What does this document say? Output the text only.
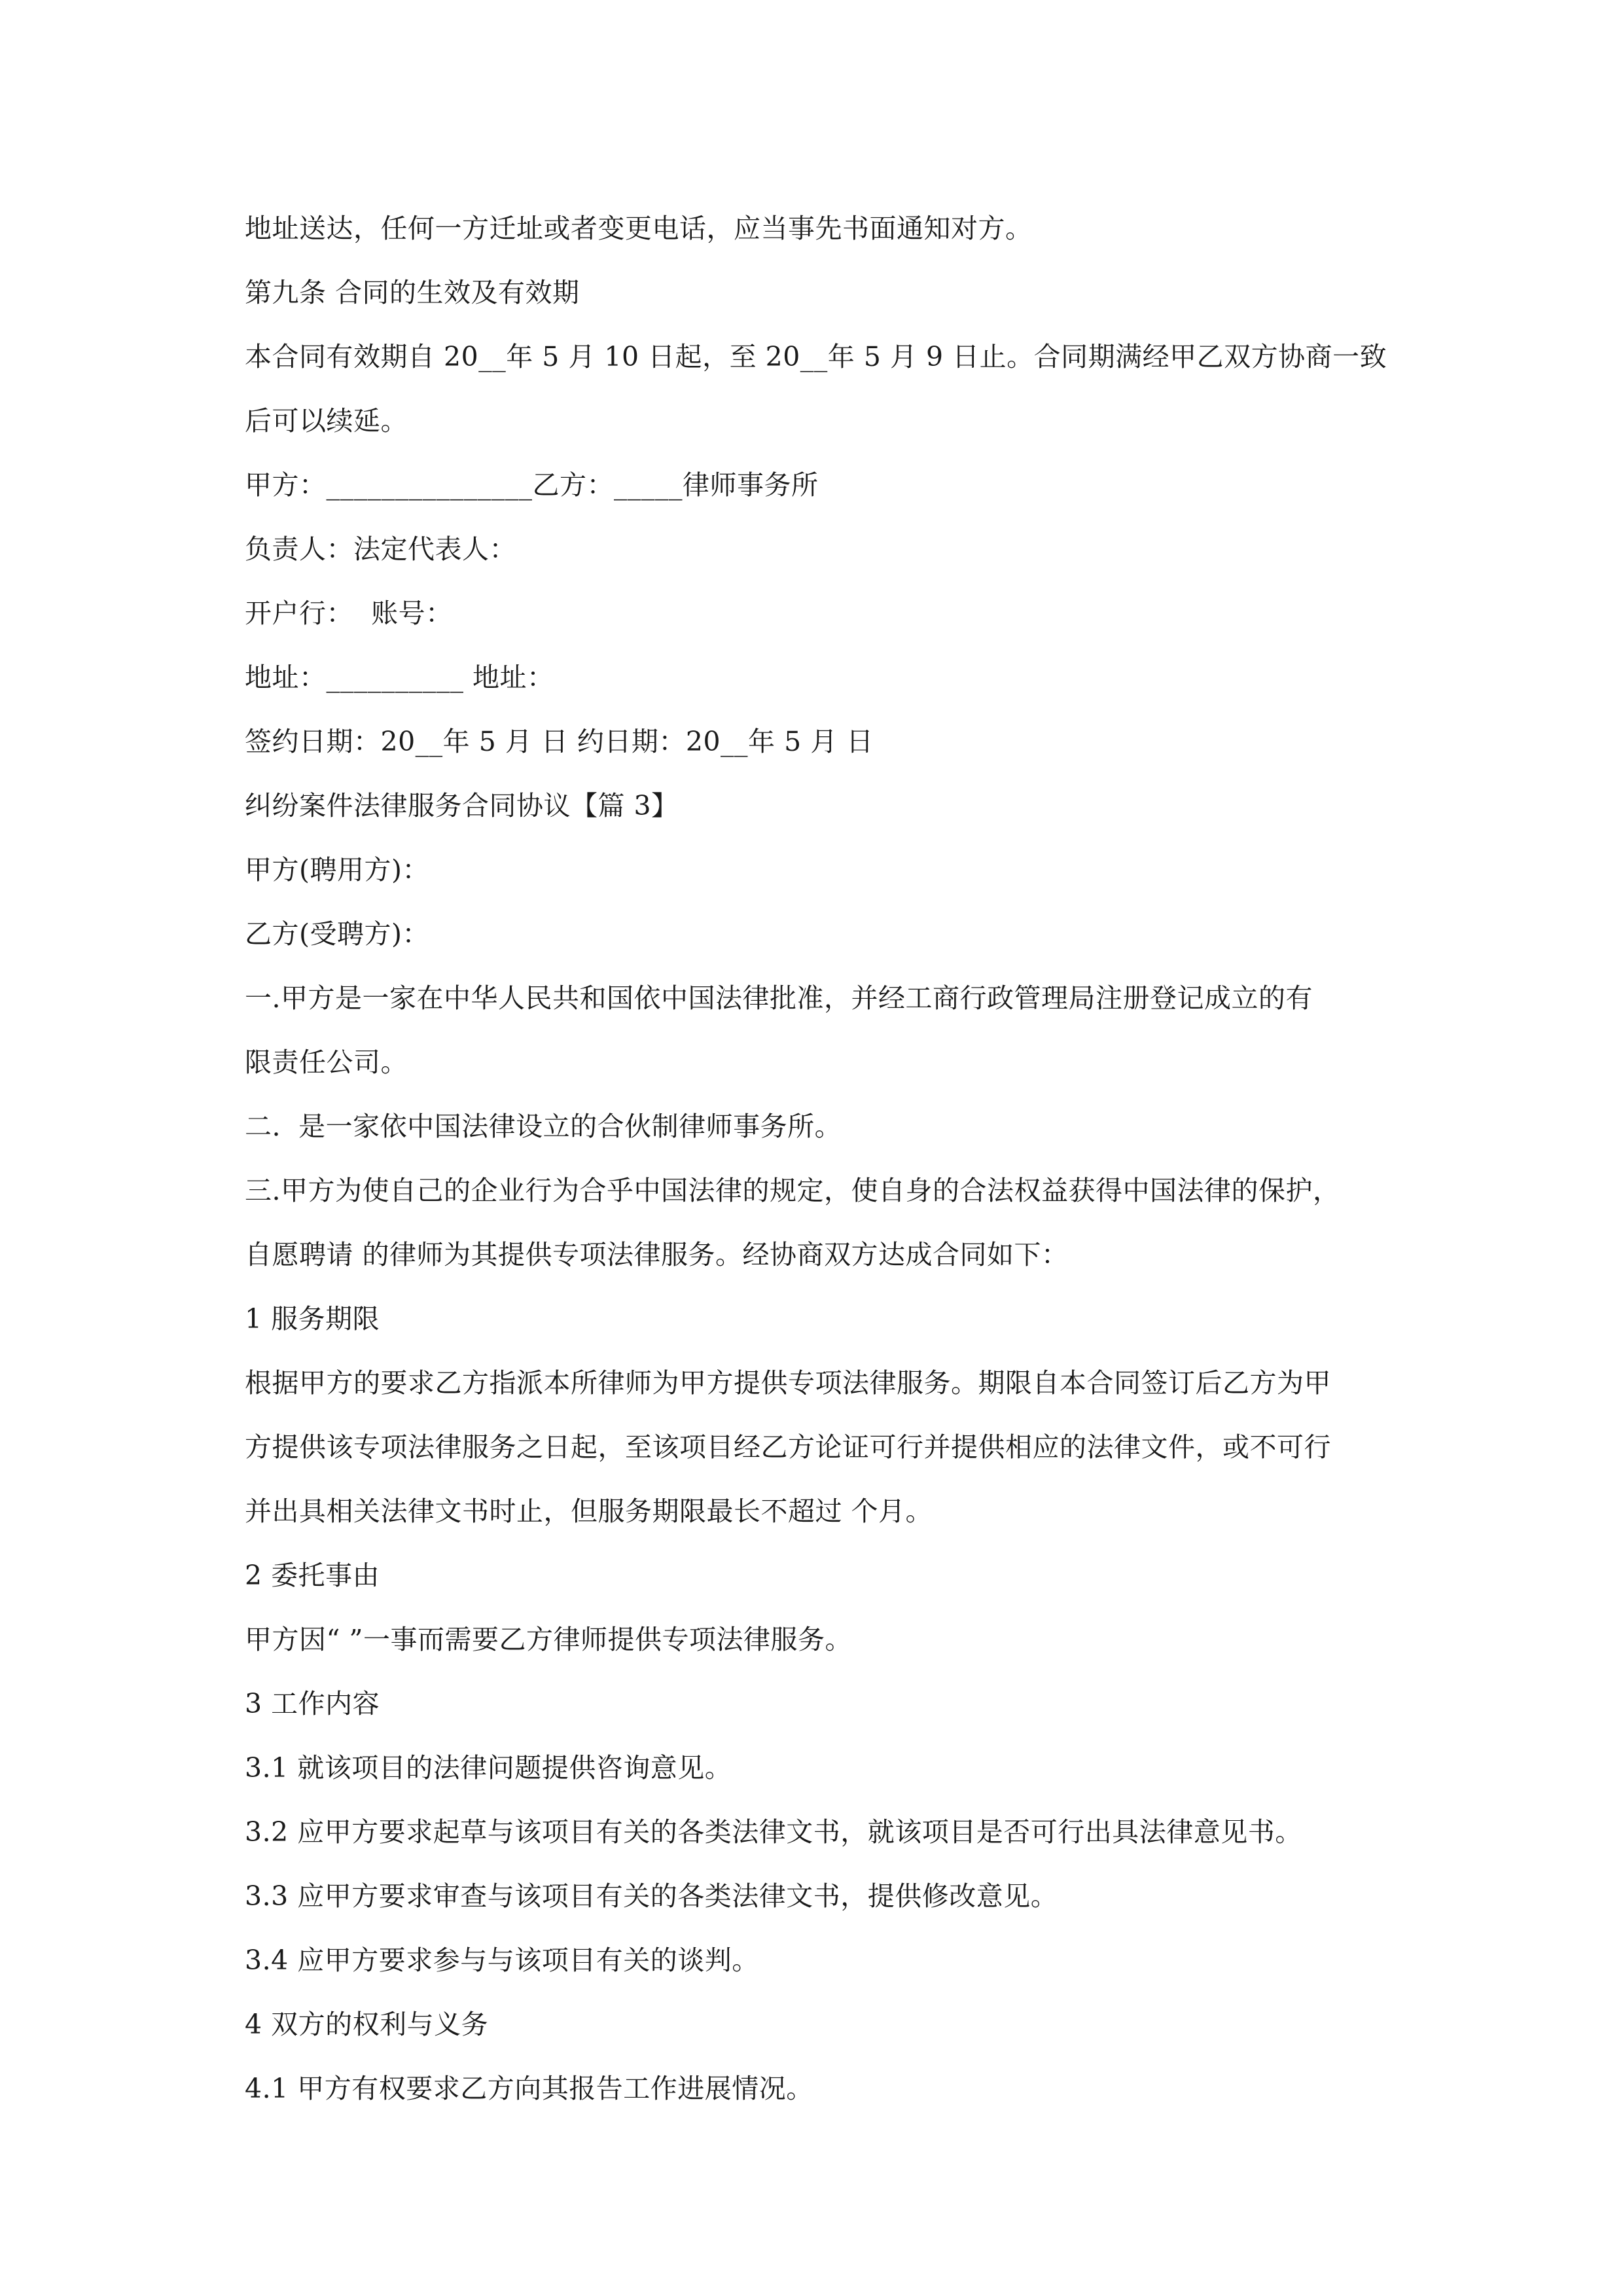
地址送达，任何一方迁址或者变更电话，应当事先书面通知对方。
第九条 合同的生效及有效期
本合同有效期自 20__年 5 月 10 日起，至 20__年 5 月 9 日止。合同期满经甲乙双方协商一致
后可以续延。
甲方：_______________乙方：_____律师事务所
负责人：法定代表人：
开户行：  账号：
地址：__________ 地址：
签约日期：20__年 5 月 日 约日期：20__年 5 月 日
纠纷案件法律服务合同协议【篇 3】
甲方(聘用方)：
乙方(受聘方)：
一.甲方是一家在中华人民共和国依中国法律批准，并经工商行政管理局注册登记成立的有
限责任公司。
二.  是一家依中国法律设立的合伙制律师事务所。
三.甲方为使自己的企业行为合乎中国法律的规定，使自身的合法权益获得中国法律的保护，
自愿聘请 的律师为其提供专项法律服务。经协商双方达成合同如下：
1 服务期限
根据甲方的要求乙方指派本所律师为甲方提供专项法律服务。期限自本合同签订后乙方为甲
方提供该专项法律服务之日起，至该项目经乙方论证可行并提供相应的法律文件，或不可行
并出具相关法律文书时止，但服务期限最长不超过 个月。
2 委托事由
甲方因“ ”一事而需要乙方律师提供专项法律服务。
3 工作内容
3.1 就该项目的法律问题提供咨询意见。
3.2 应甲方要求起草与该项目有关的各类法律文书，就该项目是否可行出具法律意见书。
3.3 应甲方要求审查与该项目有关的各类法律文书，提供修改意见。
3.4 应甲方要求参与与该项目有关的谈判。
4 双方的权利与义务
4.1 甲方有权要求乙方向其报告工作进展情况。
